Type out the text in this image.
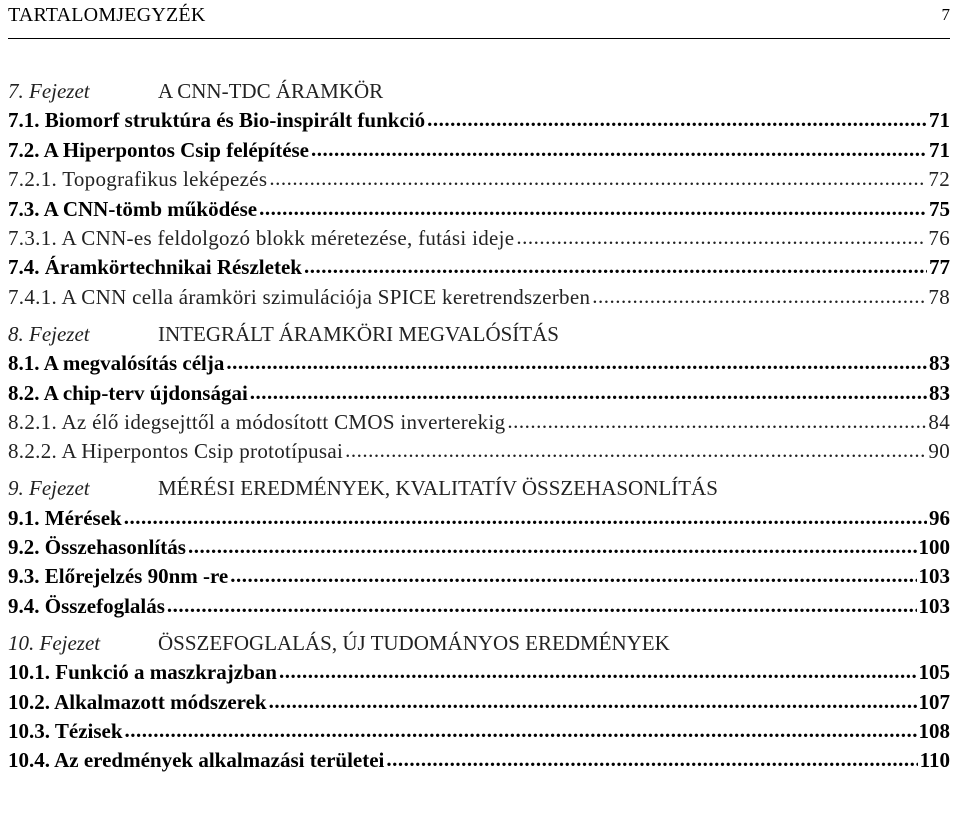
TARTALOMJEGYZÉK	7
7. Fejezet	A CNN-TDC ÁRAMKÖR
7.1. Biomorf struktúra és Bio-inspirált funkció .....	71
7.2. A Hiperpontos Csip felépítése .....	71
7.2.1. Topografikus leképezés .....	72
7.3. A CNN-tömb működése .....	75
7.3.1. A CNN-es feldolgozó blokk méretezése, futási ideje .....	76
7.4. Áramkörtechnikai Részletek .....	77
7.4.1. A CNN cella áramköri szimulációja SPICE keretrendszerben .....	78
8. Fejezet	INTEGRÁLT ÁRAMKÖRI MEGVALÓSÍTÁS
8.1. A megvalósítás célja .....	83
8.2. A chip-terv újdonságai .....	83
8.2.1. Az élő idegsejttől a módosított CMOS inverterekig .....	84
8.2.2. A Hiperpontos Csip prototípusai .....	90
9. Fejezet	MÉRÉSI EREDMÉNYEK, KVALITATÍV ÖSSZEHASONLÍTÁS
9.1. Mérések .....	96
9.2. Összehasonlítás .....	100
9.3. Előrejelzés 90nm -re .....	103
9.4. Összefoglalás .....	103
10. Fejezet	ÖSSZEFOGLALÁS, ÚJ TUDOMÁNYOS EREDMÉNYEK
10.1. Funkció a maszkrajzban .....	105
10.2. Alkalmazott módszerek .....	107
10.3. Tézisek .....	108
10.4. Az eredmények alkalmazási területei .....	110
